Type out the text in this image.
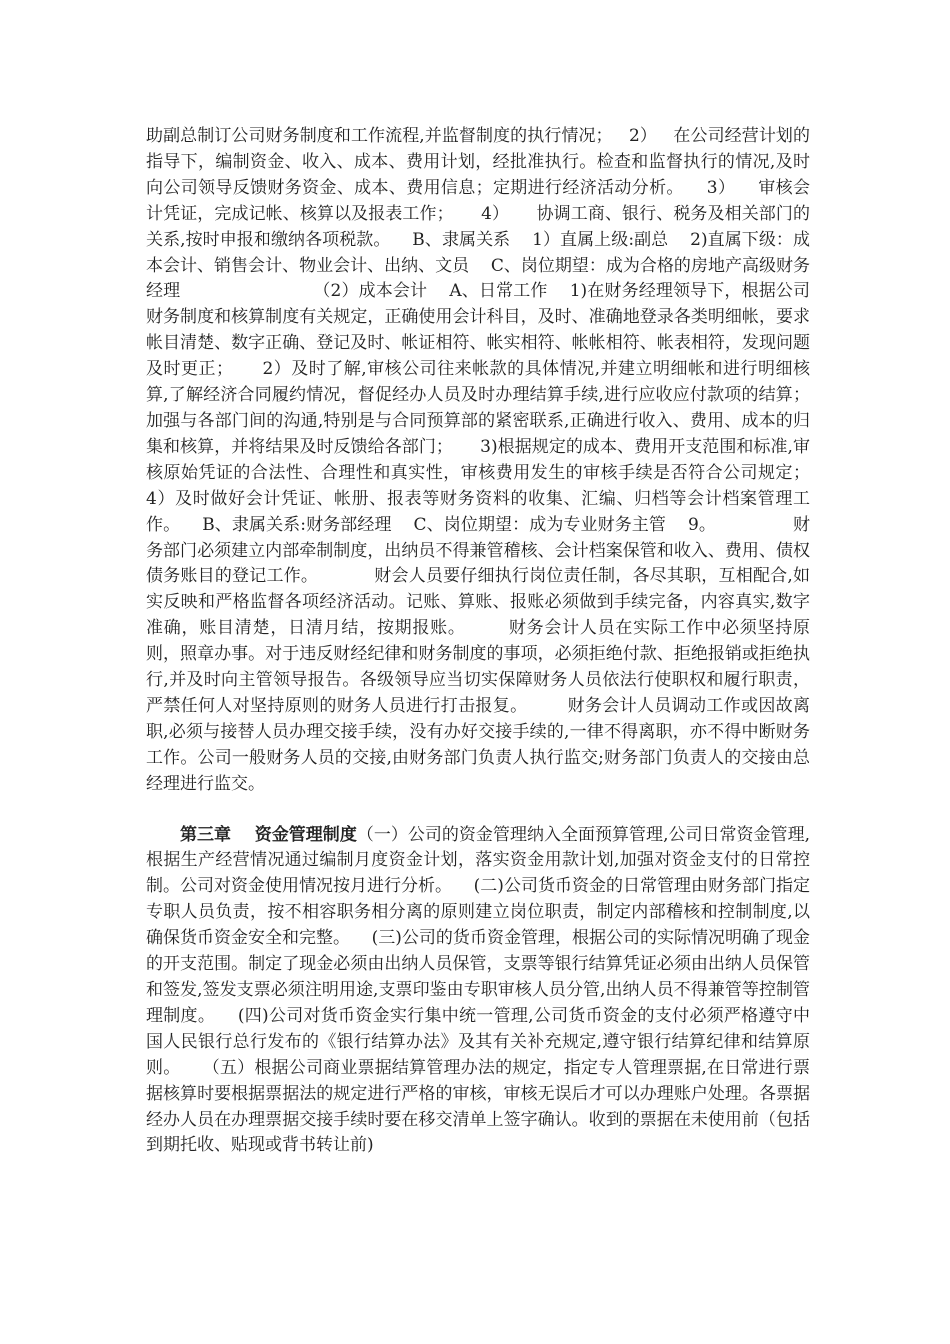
助副总制订公司财务制度和工作流程,并监督制度的执行情况；   2）   在公司经营计划的指导下，编制资金、收入、成本、费用计划，经批准执行。检查和监督执行的情况,及时向公司领导反馈财务资金、成本、费用信息；定期进行经济活动分析。    3）    审核会计凭证，完成记帐、核算以及报表工作；     4）     协调工商、银行、税务及相关部门的关系,按时申报和缴纳各项税款。    B、隶属关系    1）直属上级:副总    2)直属下级：成本会计、销售会计、物业会计、出纳、文员    C、岗位期望：成为合格的房地产高级财务经理                        （2）成本会计    A、日常工作    1)在财务经理领导下，根据公司财务制度和核算制度有关规定，正确使用会计科目，及时、准确地登录各类明细帐，要求帐目清楚、数字正确、登记及时、帐证相符、帐实相符、帐帐相符、帐表相符，发现问题及时更正；     2）及时了解,审核公司往来帐款的具体情况,并建立明细帐和进行明细核算,了解经济合同履约情况，督促经办人员及时办理结算手续,进行应收应付款项的结算；加强与各部门间的沟通,特别是与合同预算部的紧密联系,正确进行收入、费用、成本的归集和核算，并将结果及时反馈给各部门；     3)根据规定的成本、费用开支范围和标准,审核原始凭证的合法性、合理性和真实性，审核费用发生的审核手续是否符合公司规定；     4）及时做好会计凭证、帐册、报表等财务资料的收集、汇编、归档等会计档案管理工作。    B、隶属关系:财务部经理    C、岗位期望：成为专业财务主管    9。              财务部门必须建立内部牵制制度，出纳员不得兼管稽核、会计档案保管和收入、费用、债权债务账目的登记工作。          财会人员要仔细执行岗位责任制，各尽其职，互相配合,如实反映和严格监督各项经济活动。记账、算账、报账必须做到手续完备，内容真实,数字准确，账目清楚，日清月结，按期报账。       财务会计人员在实际工作中必须坚持原则，照章办事。对于违反财经纪律和财务制度的事项，必须拒绝付款、拒绝报销或拒绝执行,并及时向主管领导报告。各级领导应当切实保障财务人员依法行使职权和履行职责，严禁任何人对坚持原则的财务人员进行打击报复。       财务会计人员调动工作或因故离职,必须与接替人员办理交接手续，没有办好交接手续的,一律不得离职，亦不得中断财务工作。公司一般财务人员的交接,由财务部门负责人执行监交;财务部门负责人的交接由总经理进行监交。

第三章    资金管理制度（一）公司的资金管理纳入全面预算管理,公司日常资金管理,根据生产经营情况通过编制月度资金计划，落实资金用款计划,加强对资金支付的日常控制。公司对资金使用情况按月进行分析。    (二)公司货币资金的日常管理由财务部门指定专职人员负责，按不相容职务相分离的原则建立岗位职责，制定内部稽核和控制制度,以确保货币资金安全和完整。    (三)公司的货币资金管理，根据公司的实际情况明确了现金的开支范围。制定了现金必须由出纳人员保管，支票等银行结算凭证必须由出纳人员保管和签发,签发支票必须注明用途,支票印鉴由专职审核人员分管,出纳人员不得兼管等控制管理制度。    (四)公司对货币资金实行集中统一管理,公司货币资金的支付必须严格遵守中国人民银行总行发布的《银行结算办法》及其有关补充规定,遵守银行结算纪律和结算原则。    （五）根据公司商业票据结算管理办法的规定，指定专人管理票据,在日常进行票据核算时要根据票据法的规定进行严格的审核，审核无误后才可以办理账户处理。各票据经办人员在办理票据交接手续时要在移交清单上签字确认。收到的票据在未使用前（包括到期托收、贴现或背书转让前)
